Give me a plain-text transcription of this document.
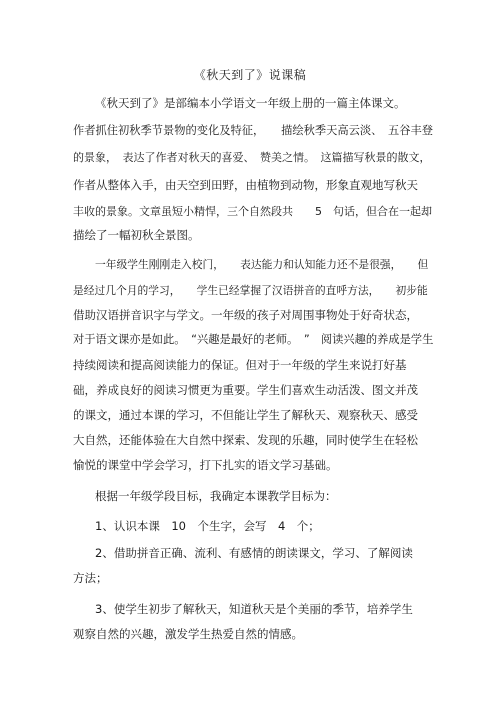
《秋天到了》说课稿
《秋天到了》是部编本小学语文一年级上册的一篇主体课文。
作者抓住初秋季节景物的变化及特征，　　描绘秋季天高云淡、　五谷丰登
的景象，　表达了作者对秋天的喜爱、　赞美之情。　这篇描写秋景的散文，
作者从整体入手，由天空到田野，由植物到动物，形象直观地写秋天
丰收的景象。文章虽短小精悍，三个自然段共　　5　句话，但合在一起却
描绘了一幅初秋全景图。
一年级学生刚刚走入校门，　　表达能力和认知能力还不是很强，　　但
是经过几个月的学习，　　学生已经掌握了汉语拼音的直呼方法，　　初步能
借助汉语拼音识字与学文。一年级的孩子对周围事物处于好奇状态，
对于语文课亦是如此。　“兴趣是最好的老师。　”　阅读兴趣的养成是学生
持续阅读和提高阅读能力的保证。但对于一年级的学生来说打好基
础，养成良好的阅读习惯更为重要。学生们喜欢生动活泼、图文并茂
的课文，通过本课的学习，不但能让学生了解秋天、观察秋天、感受
大自然，还能体验在大自然中探索、发现的乐趣，同时使学生在轻松
愉悦的课堂中学会学习，打下扎实的语文学习基础。
根据一年级学段目标，我确定本课教学目标为：
1、认识本课　10　个生字，会写　4　个；
2、借助拼音正确、流利、有感情的朗读课文，学习、了解阅读
方法；
3、使学生初步了解秋天，知道秋天是个美丽的季节，培养学生
观察自然的兴趣，激发学生热爱自然的情感。
